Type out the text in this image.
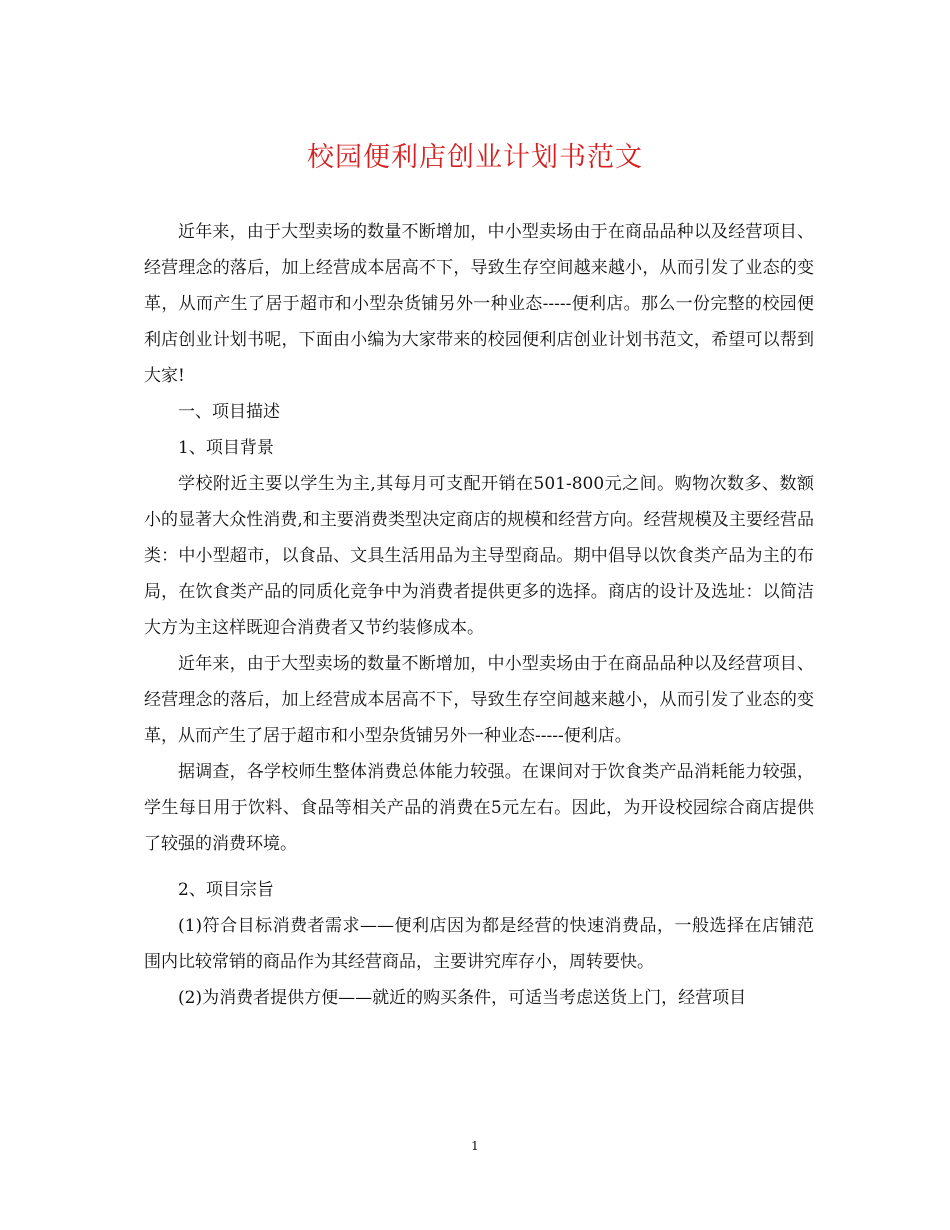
校园便利店创业计划书范文

近年来，由于大型卖场的数量不断增加，中小型卖场由于在商品品种以及经营项目、经营理念的落后，加上经营成本居高不下，导致生存空间越来越小，从而引发了业态的变革，从而产生了居于超市和小型杂货铺另外一种业态-----便利店。那么一份完整的校园便利店创业计划书呢，下面由小编为大家带来的校园便利店创业计划书范文，希望可以帮到大家!

一、项目描述

1、项目背景

学校附近主要以学生为主,其每月可支配开销在501-800元之间。购物次数多、数额小的显著大众性消费,和主要消费类型决定商店的规模和经营方向。经营规模及主要经营品类：中小型超市，以食品、文具生活用品为主导型商品。期中倡导以饮食类产品为主的布局，在饮食类产品的同质化竞争中为消费者提供更多的选择。商店的设计及选址：以简洁大方为主这样既迎合消费者又节约装修成本。

近年来，由于大型卖场的数量不断增加，中小型卖场由于在商品品种以及经营项目、经营理念的落后，加上经营成本居高不下，导致生存空间越来越小，从而引发了业态的变革，从而产生了居于超市和小型杂货铺另外一种业态-----便利店。

据调查，各学校师生整体消费总体能力较强。在课间对于饮食类产品消耗能力较强，学生每日用于饮料、食品等相关产品的消费在5元左右。因此，为开设校园综合商店提供了较强的消费环境。

2、项目宗旨

(1)符合目标消费者需求——便利店因为都是经营的快速消费品，一般选择在店铺范围内比较常销的商品作为其经营商品，主要讲究库存小，周转要快。

(2)为消费者提供方便——就近的购买条件，可适当考虑送货上门，经营项目

1
